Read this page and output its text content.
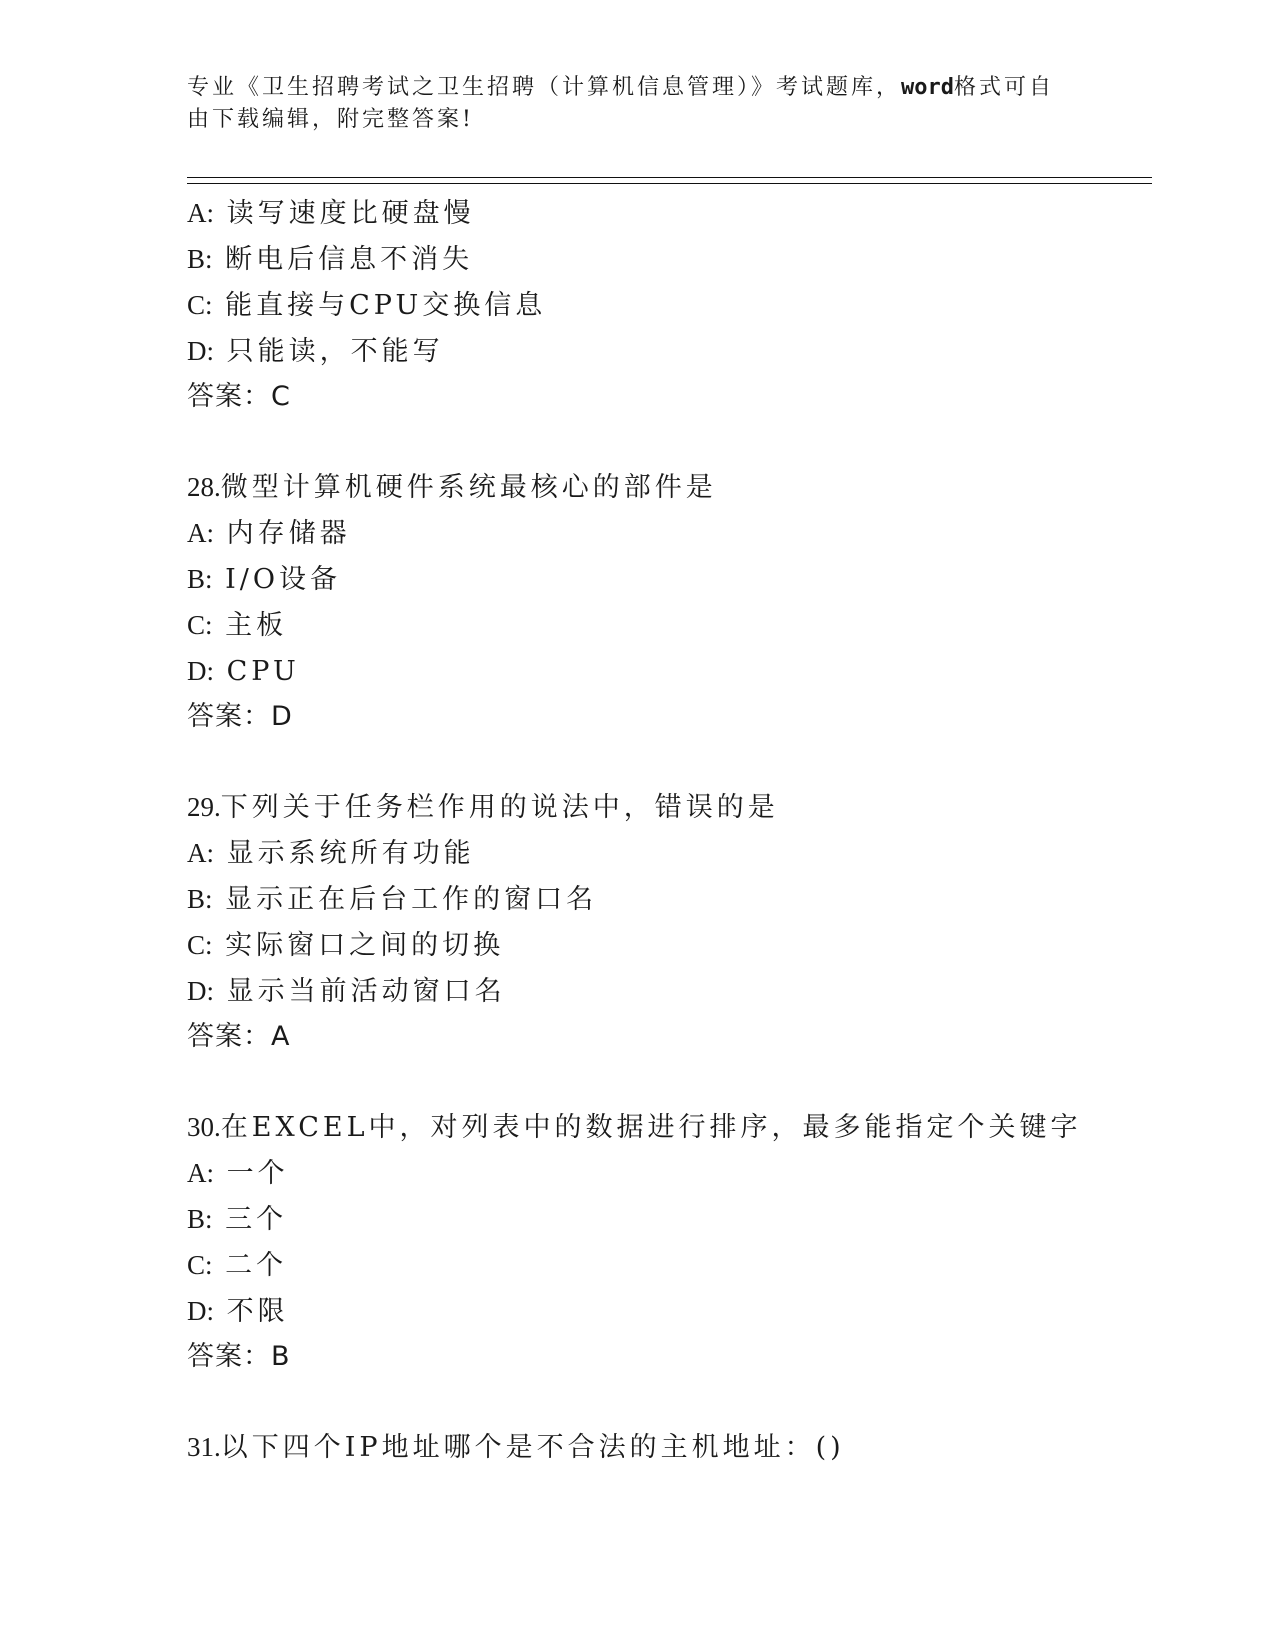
专业《卫生招聘考试之卫生招聘（计算机信息管理）》考试题库，word格式可自
由下载编辑，附完整答案!
A: 读写速度比硬盘慢
B: 断电后信息不消失
C: 能直接与CPU交换信息
D: 只能读，不能写
答案：C
28.微型计算机硬件系统最核心的部件是
A: 内存储器
B: I/O设备
C: 主板
D: CPU
答案：D
29.下列关于任务栏作用的说法中，错误的是
A: 显示系统所有功能
B: 显示正在后台工作的窗口名
C: 实际窗口之间的切换
D: 显示当前活动窗口名
答案：A
30.在EXCEL中，对列表中的数据进行排序，最多能指定个关键字
A: 一个
B: 三个
C: 二个
D: 不限
答案：B
31.以下四个IP地址哪个是不合法的主机地址：()
